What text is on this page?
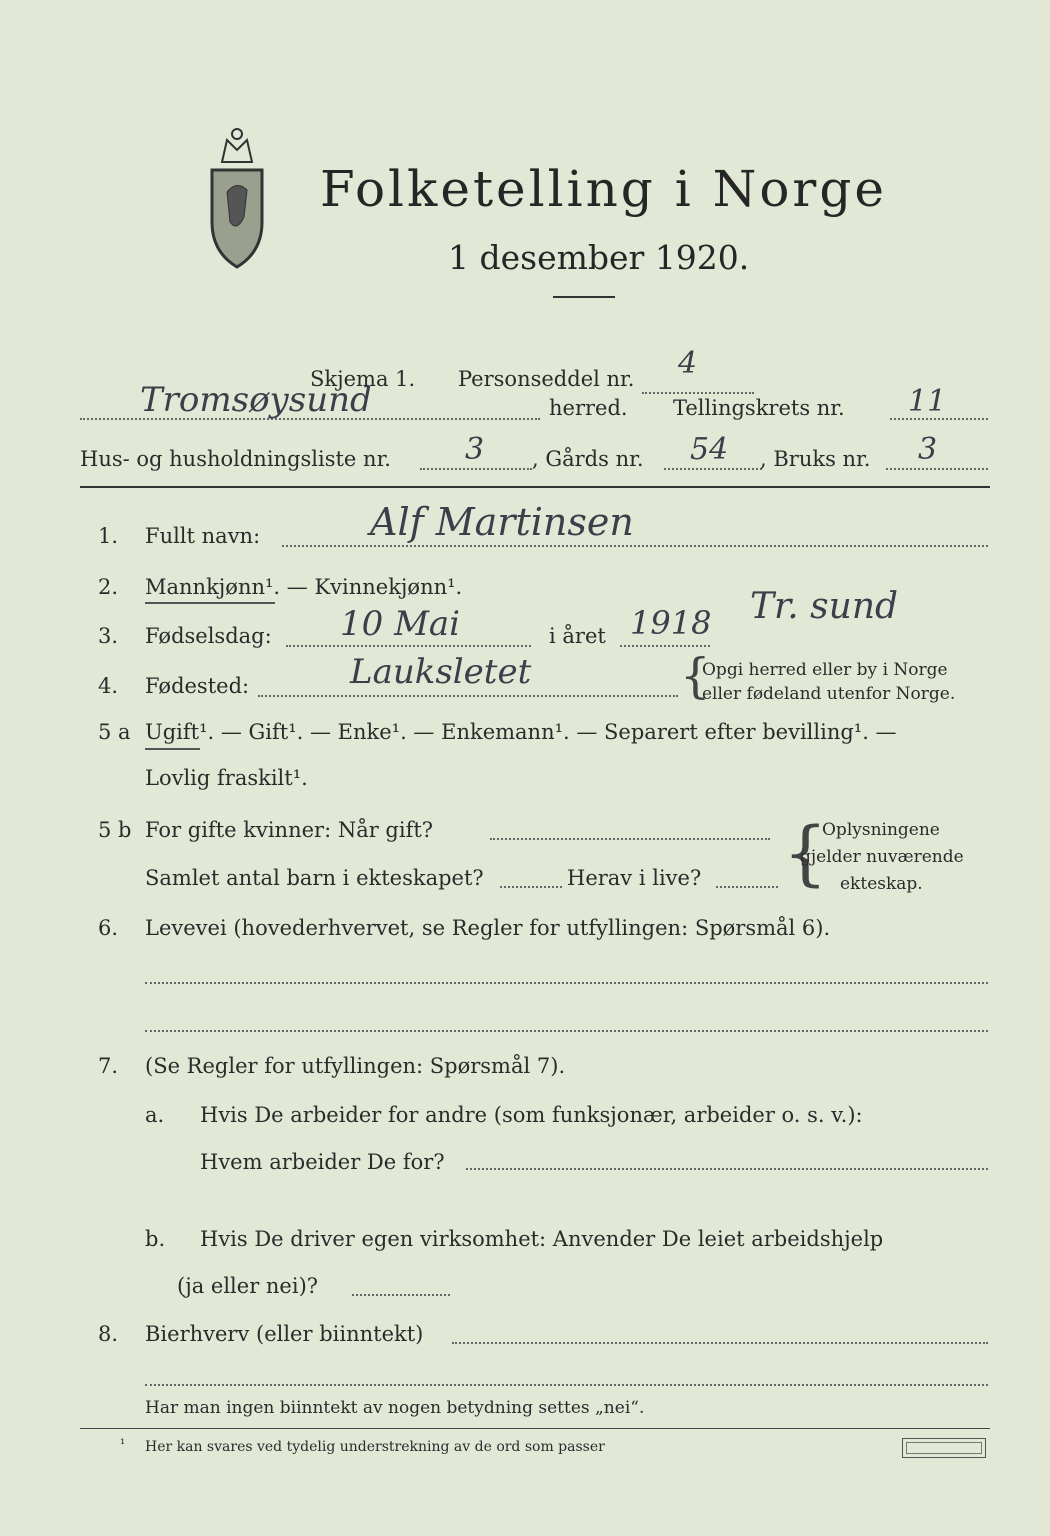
Folketelling i Norge
1 desember 1920.
Skjema 1. Personseddel nr. 4
Tromsøysund	herred. Tellingskrets nr. 11
Hus- og husholdningsliste nr. 3 , Gårds nr. 54 , Bruks nr. 3
1. Fullt navn:	Alf Martinsen
2. Mannkjønn¹. — Kvinnekjønn¹.
3. Fødselsdag: 10 Mai	i året 1918 Tr. sund
4. Fødested:	Lauksletet	{
Opgi herred eller by i Norge
eller fødeland utenfor Norge.
5 a Ugift¹. — Gift¹. — Enke¹. — Enkemann¹. — Separert efter bevilling¹. —
Lovlig fraskilt¹.
5 b For gifte kvinner: Når gift?
Samlet antal barn i ekteskapet?	Herav i live? {
Oplysningene
gjelder nuværende
ekteskap.
6. Levevei (hovederhvervet, se Regler for utfyllingen: Spørsmål 6).
7. (Se Regler for utfyllingen: Spørsmål 7).
a. Hvis De arbeider for andre (som funksjonær, arbeider o. s. v.):
Hvem arbeider De for?
b. Hvis De driver egen virksomhet: Anvender De leiet arbeidshjelp
(ja eller nei)?
8. Bierhverv (eller biinntekt)
Har man ingen biinntekt av nogen betydning settes „nei“.
¹ Her kan svares ved tydelig understrekning av de ord som passer
